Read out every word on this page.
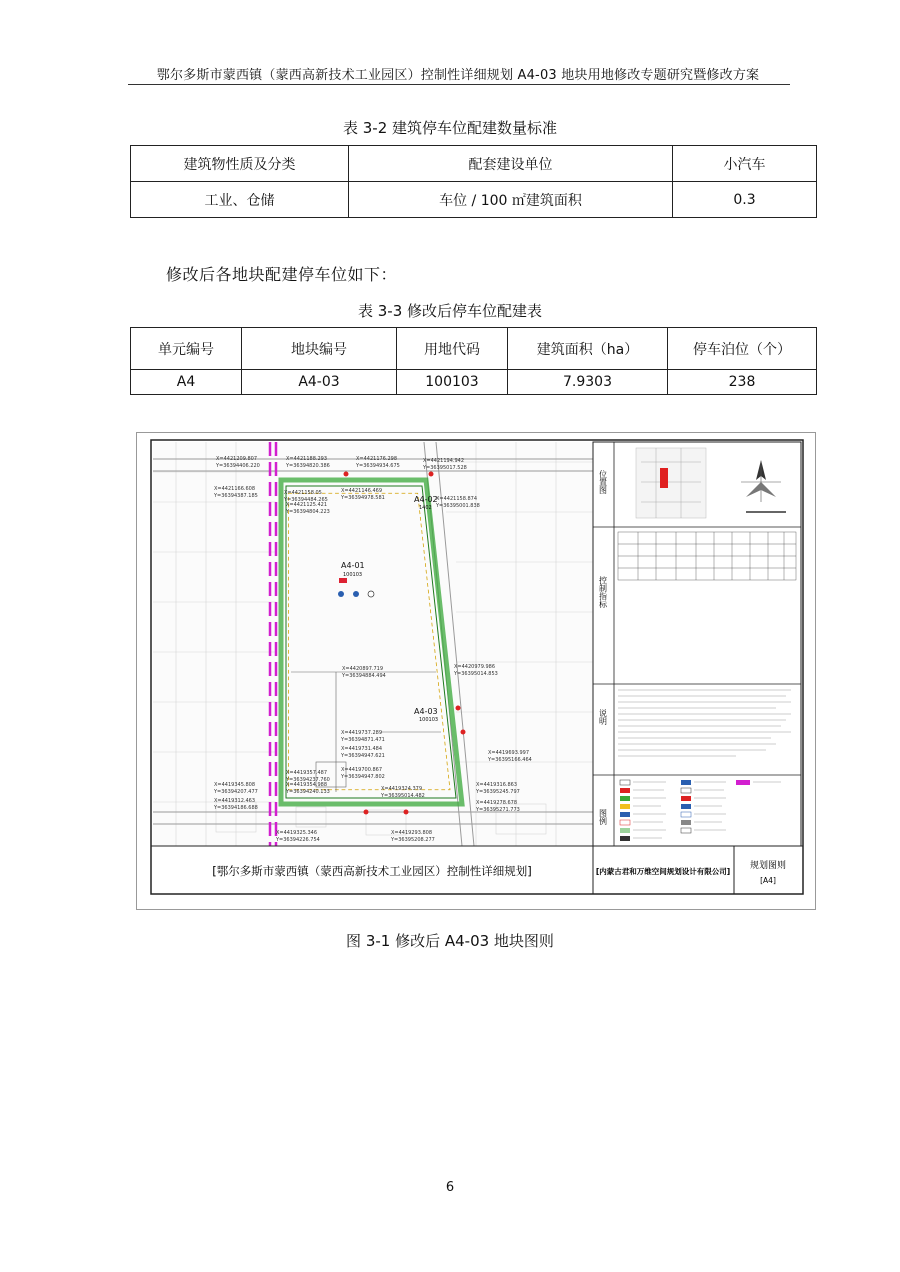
鄂尔多斯市蒙西镇（蒙西高新技术工业园区）控制性详细规划 A4-03 地块用地修改专题研究暨修改方案
表 3-2 建筑停车位配建数量标准
建筑物性质及分类	配套建设单位	小汽车
工业、仓储	车位 / 100 ㎡建筑面积	0.3
修改后各地块配建停车位如下：
表 3-3 修改后停车位配建表
单元编号	地块编号	用地代码	建筑面积（ha）	停车泊位（个）
A4	A4-03	100103	7.9303	238
A4-01
100103
A4-02
1402
A4-03
100103
X=4421209.807
Y=36394406.220
X=4421188.293
Y=36394820.386
X=4421176.298
Y=36394934.675
X=4421194.942
Y=36395017.528
X=4421166.608
Y=36394387.185	X=4421158.05
Y=36394484.265
X=4421146.469
Y=36394978.581
X=4421125.421
Y=36394804.223
X=4421158.874
Y=36395001.838
X=4420897.719
Y=36394884.494
X=4420979.986
Y=36395014.853
X=4419737.289
Y=36394871.471
X=4419731.484
Y=36394947.621	X=4419693.997
Y=36395166.464
X=4419700.867
Y=36394947.802
X=4419357.487
Y=36394237.760
X=4419345.808
Y=36394207.477
X=4419354.988
Y=36394240.133
X=4419312.463
Y=36394186.688
X=4419324.379
Y=36395014.482
X=4419316.863
Y=36395245.797
X=4419278.678
Y=36395271.773
X=4419325.346
Y=36394226.754
X=4419293.808
Y=36395208.277
位置图
控制指标
说明
图例
[鄂尔多斯市蒙西镇（蒙西高新技术工业园区）控制性详细规划]	[内蒙古君和万维空间规划设计有限公司]
规划图则
[A4]
图 3-1 修改后 A4-03 地块图则
6
